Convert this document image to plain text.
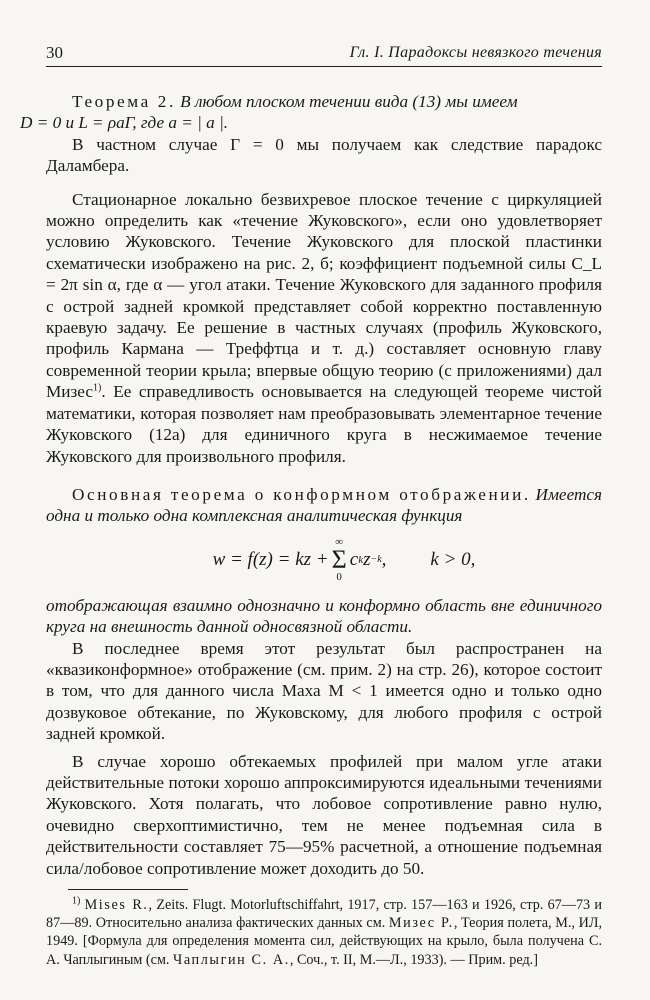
30	Гл. I. Парадоксы невязкого течения

Теорема 2. В любом плоском течении вида (13) мы имеем
D = 0 и L = ρaΓ, где a = | a |.

В частном случае Γ = 0 мы получаем как следствие парадокс Даламбера.

Стационарное локально безвихревое плоское течение с циркуляцией можно определить как «течение Жуковского», если оно удовлетворяет условию Жуковского. Течение Жуковского для плоской пластинки схематически изображено на рис. 2, б; коэффициент подъемной силы C_L = 2π sin α, где α — угол атаки. Течение Жуковского для заданного профиля с острой задней кромкой представляет собой корректно поставленную краевую задачу. Ее решение в частных случаях (профиль Жуковского, профиль Кармана — Треффтца и т. д.) составляет основную главу современной теории крыла; впервые общую теорию (с приложениями) дал Мизес$^{1)}$. Ее справедливость основывается на следующей теореме чистой математики, которая позволяет нам преобразовывать элементарное течение Жуковского (12а) для единичного круга в несжимаемое течение Жуковского для произвольного профиля.

Основная теорема о конформном отображении. Имеется одна и только одна комплексная аналитическая функция

w = f(z) = kz +
∞
Σ
0
c k z −k , k > 0,

отображающая взаимно однозначно и конформно область вне единичного круга на внешность данной односвязной области.

В последнее время этот результат был распространен на «квазиконформное» отображение (см. прим. 2) на стр. 26), которое состоит в том, что для данного числа Маха M < 1 имеется одно и только одно дозвуковое обтекание, по Жуковскому, для любого профиля с острой задней кромкой.

В случае хорошо обтекаемых профилей при малом угле атаки действительные потоки хорошо аппроксимируются идеальными течениями Жуковского. Хотя полагать, что лобовое сопротивление равно нулю, очевидно сверхоптимистично, тем не менее подъемная сила в действительности составляет 75—95% расчетной, а отношение подъемная сила/лобовое сопротивление может доходить до 50.

$^{1)}$ Mises R., Zeits. Flugt. Motorluftschiffahrt, 1917, стр. 157—163 и 1926, стр. 67—73 и 87—89. Относительно анализа фактических данных см. Мизес Р., Теория полета, М., ИЛ, 1949. [Формула для определения момента сил, действующих на крыло, была получена С. А. Чаплыгиным (см. Чаплыгин С. А., Соч., т. II, М.—Л., 1933). — Прим. ред.]
